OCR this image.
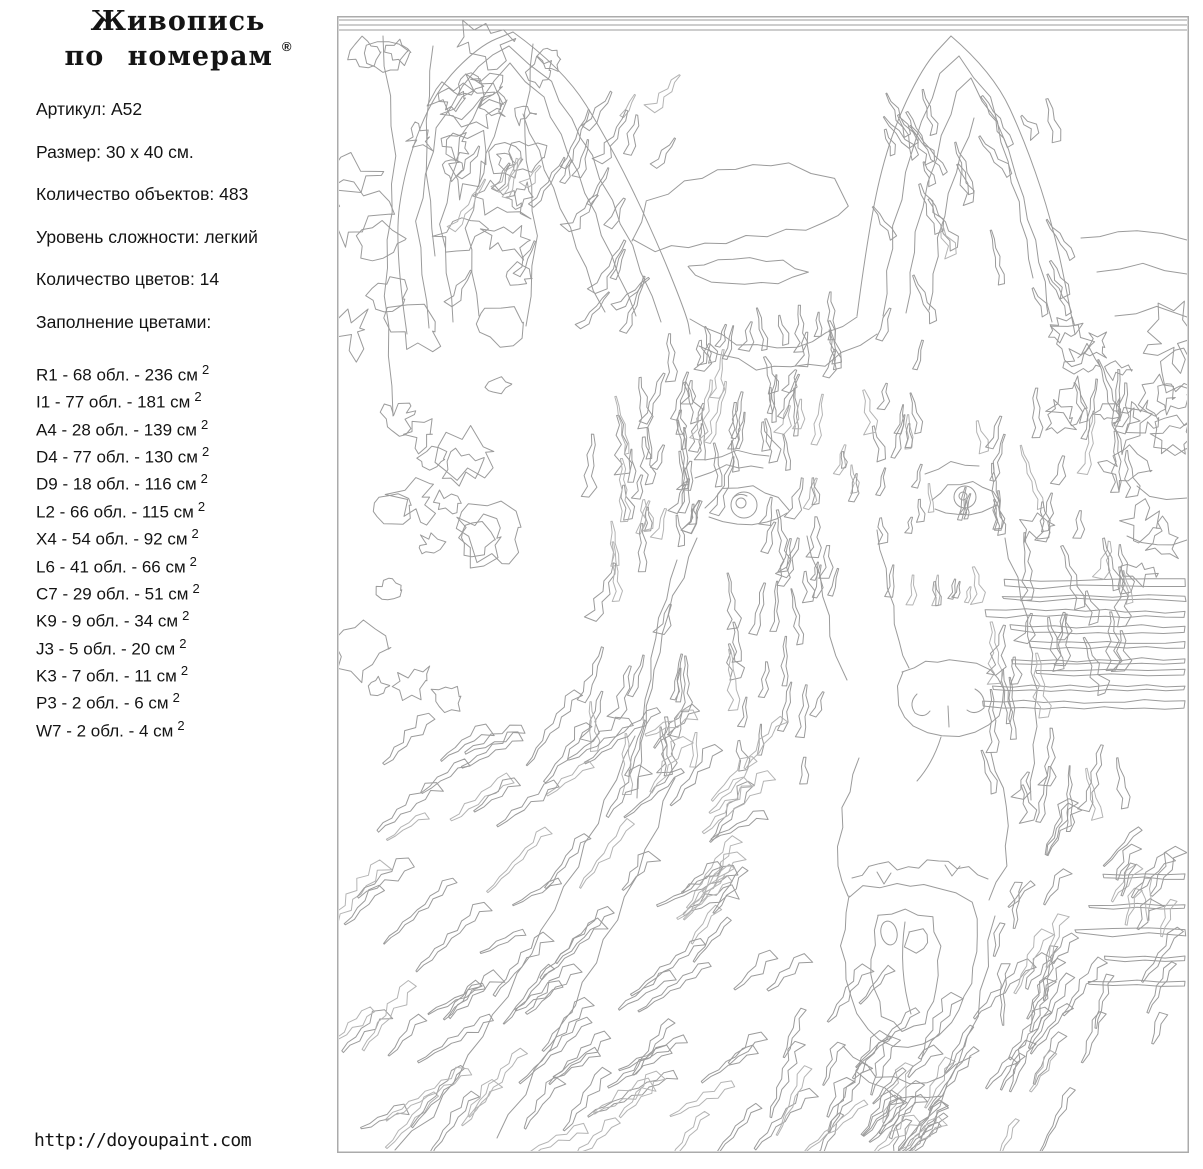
Живопись
по номерам ®

Артикул: A52

Размер: 30 x 40 см.

Количество объектов: 483

Уровень сложности: легкий

Количество цветов: 14

Заполнение цветами:

R1 - 68 обл. - 236 см $^2$
I1 - 77 обл. - 181 см $^2$
A4 - 28 обл. - 139 см $^2$
D4 - 77 обл. - 130 см $^2$
D9 - 18 обл. - 116 см $^2$
L2 - 66 обл. - 115 см $^2$
X4 - 54 обл. - 92 см $^2$
L6 - 41 обл. - 66 см $^2$
C7 - 29 обл. - 51 см $^2$
K9 - 9 обл. - 34 см $^2$
J3 - 5 обл. - 20 см $^2$
K3 - 7 обл. - 11 см $^2$
P3 - 2 обл. - 6 см $^2$
W7 - 2 обл. - 4 см $^2$
http://doyoupaint.com
